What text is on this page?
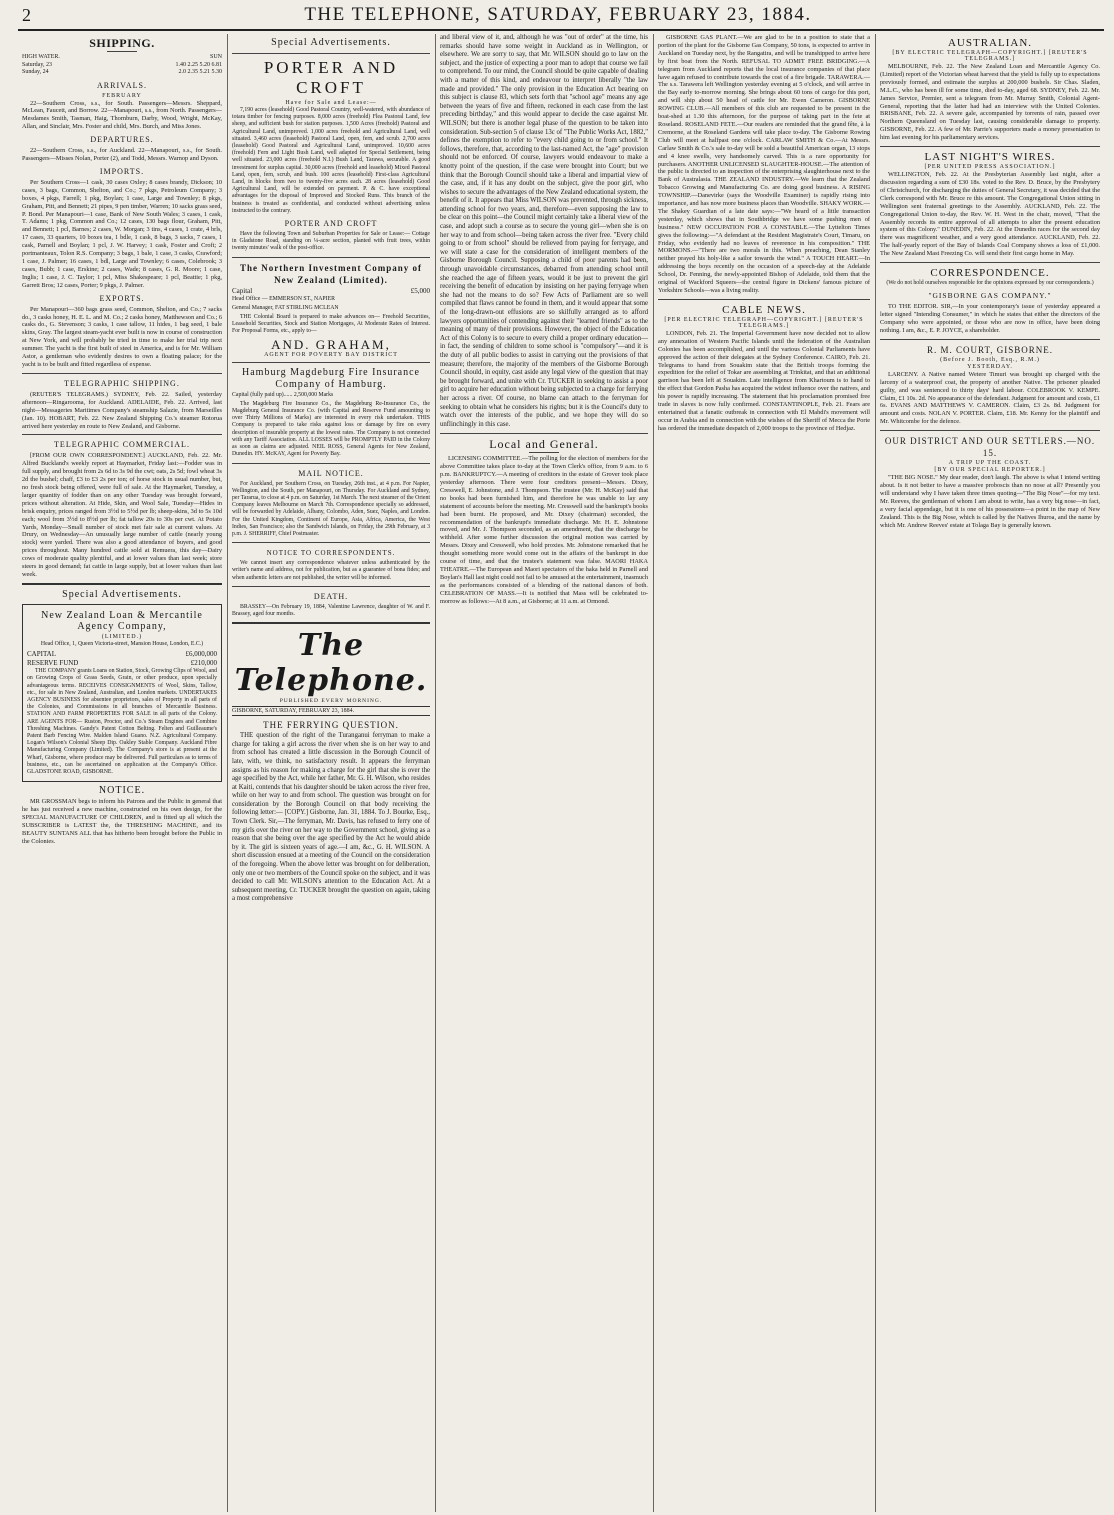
2	THE TELEPHONE, SATURDAY, FEBRUARY 23, 1884.
SHIPPING.
HIGH WATER.	SUN
Saturday, 23	1.40 2.25 5.20 6.81
Sunday, 24	2.0 2.35 5.21 5.30
ARRIVALS.
FEBRUARY

22—Southern Cross, s.s., for South. Passengers—Messrs. Sheppard, McLean, Faucett, and Borrow. 22—Manapouri, s.s., from North. Passengers—Mesdames Smith, Tasman, Haig, Thornburn, Darby, Wood, Wright, McKay, Allan, and Sinclair, Mrs. Foster and child, Mrs. Burch, and Miss Jones.

DEPARTURES.

22—Southern Cross, s.s., for Auckland. 22—Manapouri, s.s., for South. Passengers—Misses Nolan, Porter (2), and Todd, Messrs. Warnop and Dyson.

IMPORTS.

Per Southern Cross—1 cask, 30 cases Oxley; 8 cases brandy, Dickson; 10 cases, 3 bags, Common, Shelton, and Co.; 7 pkgs, Petroleum Company; 3 boxes, 4 pkgs, Farrell; 1 pkg, Boylan; 1 case, Large and Townley; 8 pkgs, Graham, Pitt, and Bennett; 21 pipes, 9 pen timber, Warren; 10 sacks grass seed, P. Bond. Per Manapouri—1 case, Bank of New South Wales; 3 cases, 1 cask, T. Adams; 1 pkg, Common and Co.; 12 cases, 130 bags flour, Graham, Pitt, and Bennett; 1 pcl, Barnes; 2 cases, W. Morgan; 3 tins, 4 cases, 1 crate, 4 brls, 17 cases, 33 quarters, 10 boxes tea, 1 bdle, 1 cask, 8 bags, 3 sacks, 7 cases, 1 cask, Parnell and Boylan; 1 pcl, J. W. Harvey; 1 cask, Foster and Croft; 2 portmanteaux, Tolon R.S. Company; 3 bags, 1 bale, 1 case, 3 casks, Crawford; 1 case, J. Palmer; 16 cases, 1 bdl, Large and Townley; 6 cases, Colebrook; 3 cases, Bubb; 1 case, Erskine; 2 cases, Wade; 8 cases, G. R. Moore; 1 case, Inglis; 1 case, J. C. Taylor; 1 pcl, Miss Shakespeare; 1 pcl, Beattie; 1 pkg, Garrett Bros; 12 cases, Porter; 9 pkgs, J. Palmer.

EXPORTS.

Per Manapouri—360 bags grass seed, Common, Shelton, and Co.; 7 sacks do., 3 casks honey, H. E. L. and M. Co.; 2 casks honey, Matthewson and Co.; 6 casks do., G. Stevenson; 3 casks, 1 case tallow, 11 hides, 1 bag seed, 1 bale skins, Gray. The largest steam-yacht ever built is now in course of construction at New York, and will probably be tried in time to make her trial trip next summer. The yacht is the first built of steel in America, and is for Mr. William Astor, a gentleman who evidently desires to own a floating palace; for the yacht is to be built and fitted regardless of expense.

TELEGRAPHIC SHIPPING.

(REUTER'S TELEGRAMS.) SYDNEY, Feb. 22. Sailed, yesterday afternoon—Ringarooma, for Auckland. ADELAIDE, Feb. 22. Arrived, last night—Messageries Maritimes Company's steamship Salazie, from Marseilles (Jan. 10). HOBART, Feb. 22. New Zealand Shipping Co.'s steamer Rotorua arrived here yesterday en route to New Zealand, and Gisborne.

TELEGRAPHIC COMMERCIAL.

[FROM OUR OWN CORRESPONDENT.] AUCKLAND, Feb. 22. Mr. Alfred Buckland's weekly report at Haymarket, Friday last:—Fodder was in full supply, and brought from 2s 6d to 3s 9d the cwt; oats, 2s 5d; fowl wheat 3s 2d the bushel; chaff, £3 to £3 2s per ton; of horse stock in usual number, but, no fresh stock being offered, were full of sale. At the Haymarket, Tuesday, a larger quantity of fodder than on any other Tuesday was brought forward, prices without alteration. At Hide, Skin, and Wool Sale, Tuesday—Hides in brisk enquiry, prices ranged from 3½d to 5½d per lb; sheep-skins, 3d to 5s 10d each; wool from 3½d to 8½d per lb; fat tallow 20s to 30s per cwt. At Potato Yards, Monday—Small number of stock met fair sale at current values. At Drury, on Wednesday—An unusually large number of cattle (nearly young stock) were yarded. There was also a good attendance of buyers, and good prices throughout. Many hundred cattle sold at Remuera, this day—Dairy cows of moderate quality plentiful, and at lower values than last week; store steers in good demand; fat cattle in large supply, but at lower values than last week.

Special Advertisements.
New Zealand Loan & Mercantile Agency Company,
(LIMITED.)

Head Office, 1, Queen Victoria-street, Mansion House, London, E.C.)

CAPITAL	£6,000,000
RESERVE FUND	£210,000

THE COMPANY grants Loans on Station, Stock, Growing Clips of Wool, and on Growing Crops of Grass Seeds, Grain, or other produce, upon specially advantageous terms. RECEIVES CONSIGNMENTS of Wool, Skins, Tallow, etc., for sale in New Zealand, Australian, and London markets. UNDERTAKES AGENCY BUSINESS for absentee proprietors, sales of Property in all parts of the Colonies, and Commissions in all branches of Mercantile Business. STATION AND FARM PROPERTIES FOR SALE in all parts of the Colony. ARE AGENTS FOR— Ruston, Proctor, and Co.'s Steam Engines and Combine Threshing Machines. Gandy's Patent Cotton Belting. Felten and Guilleaume's Patent Barb Fencing Wire. Malden Island Guano. N.Z. Agricultural Company. Logan's Wilson's Colonial Sheep Dip. Oakley Stable Company. Auckland Fibre Manufacturing Company (Limited). The Company's store is at present at the Wharf, Gisborne, where produce may be delivered. Full particulars as to terms of business, etc., can be ascertained on application at the Company's Office. GLADSTONE ROAD, GISBORNE.

NOTICE.

MR GROSSMAN begs to inform his Patrons and the Public in general that he has just received a new machine, constructed on his own design, for the SPECIAL MANUFACTURE OF CHILDREN, and is fitted up all which the SUBSCRIBER is LATEST the, the THRESHING MACHINE, and its BEAUTY SUNTANS ALL that has hitherto been brought before the Public in the Colonies.

Special Advertisements.
PORTER AND CROFT
Have for Sale and Lease:—

7,190 acres (leasehold) Good Pastoral Country, well-watered, with abundance of totara timber for fencing purposes. 8,000 acres (freehold) Flea Pastoral Land, few sheep, and sufficient bush for station purposes. 1,500 Acres (freehold) Pastoral and Agricultural Land, unimproved. 1,000 acres freehold and Agricultural Land, well situated. 3,460 acres (leasehold) Pastoral Land, open, fern, and scrub. 2,700 acres (leasehold) Good Pastoral and Agricultural Land, unimproved. 10,600 acres (freehold) Fern and Light Bush Land, well adapted for Special Settlement, being well situated. 23,000 acres (freehold N.I.) Bush Land, Tarawa, securable. A good investment for surplus capital. 30,000 acres (freehold and leasehold) Mixed Pastoral Land, open, fern, scrub, and bush. 100 acres (leasehold) First-class Agricultural Land, in blocks from two to twenty-five acres each. 28 acres (leasehold) Good Agricultural Land, will be extended on payment. P. & C. have exceptional advantages for the disposal of Improved and Stocked Runs. This branch of the business is treated as confidential, and conducted without advertising unless instructed to the contrary.

PORTER AND CROFT

Have the following Town and Suburban Properties for Sale or Lease:— Cottage in Gladstone Road, standing on ¼-acre section, planted with fruit trees, within twenty minutes' walk of the post-office.

The Northern Investment Company of New Zealand (Limited).
Capital	£5,000

Head Office — EMMERSON ST., NAPIER

General Manager, FAT STIRLING MCLEAN

THE Colonial Board is prepared to make advances on— Freehold Securities, Leasehold Securities, Stock and Station Mortgages, At Moderate Rates of Interest. For Proposal Forms, etc., apply to—

AND. GRAHAM,
AGENT FOR POVERTY BAY DISTRICT
Hamburg Magdeburg Fire Insurance Company of Hamburg.

Capital (fully paid up)...... 2,500,000 Marks

The Magdeburg Fire Insurance Co., the Magdeburg Re-Insurance Co., the Magdeburg General Insurance Co. (with Capital and Reserve Fund amounting to over Thirty Millions of Marks) are interested in every risk undertaken. THIS Company is prepared to take risks against loss or damage by fire on every description of insurable property at the lowest rates. The Company is not connected with any Tariff Association. ALL LOSSES will be PROMPTLY PAID in the Colony as soon as claims are adjusted. NEIL ROSS, General Agents for New Zealand, Dunedin. HY. McKAY, Agent for Poverty Bay.

MAIL NOTICE.

For Auckland, per Southern Cross, on Tuesday, 26th inst., at 4 p.m. For Napier, Wellington, and the South, per Manapouri, on Thursday. For Auckland and Sydney, per Tararua, to close at 4 p.m. on Saturday, 1st March. The next steamer of the Orient Company leaves Melbourne on March 7th. Correspondence specially so addressed, will be forwarded by Adelaide, Albany, Colombo, Aden, Suez, Naples, and London. For the United Kingdom, Continent of Europe, Asia, Africa, America, the West Indies, San Francisco; also the Sandwich Islands, on Friday, the 29th February, at 3 p.m. J. SHERRIFF, Chief Postmaster.

NOTICE TO CORRESPONDENTS.

We cannot insert any correspondence whatever unless authenticated by the writer's name and address, not for publication, but as a guarantee of bona fides; and when authentic letters are not published, the writer will be informed.

DEATH.

BRASSEY—On February 19, 1884, Valentine Lawrence, daughter of W. and F. Brassey, aged four months.

The Telephone.
PUBLISHED EVERY MORNING.
GISBORNE, SATURDAY, FEBRUARY 23, 1884.
THE FERRYING QUESTION.

THE question of the right of the Turanganui ferryman to make a charge for taking a girl across the river when she is on her way to and from school has created a little discussion in the Borough Council of late, with, we think, no satisfactory result. It appears the ferryman assigns as his reason for making a charge for the girl that she is over the age specified by the Act, while her father, Mr. G. H. Wilson, who resides at Kaiti, contends that his daughter should be taken across the river free, while on her way to and from school. The question was brought on for consideration by the Borough Council on that body receiving the following letter:— [COPY.] Gisborne, Jan. 31, 1884. To J. Bourke, Esq., Town Clerk. Sir,—The ferryman, Mr. Davis, has refused to ferry one of my girls over the river on her way to the Government school, giving as a reason that she being over the age specified by the Act he would abide by it. The girl is sixteen years of age.—I am, &c., G. H. WILSON. A short discussion ensued at a meeting of the Council on the consideration of the foregoing. When the above letter was brought on for deliberation, only one or two members of the Council spoke on the subject, and it was decided to call Mr. WILSON's attention to the Education Act. At a subsequent meeting, Cr. TUCKER brought the question on again, taking a most comprehensive

and liberal view of it, and, although he was "out of order" at the time, his remarks should have some weight in Auckland as in Wellington, or elsewhere. We are sorry to say, that Mr. WILSON should go to law on the subject, and the justice of expecting a poor man to adopt that course we fail to comprehend. To our mind, the Council should be quite capable of dealing with a matter of this kind, and endeavour to interpret liberally "the law made and provided." The only provision in the Education Act bearing on this subject is clause 83, which sets forth that "school age" means any age between the years of five and fifteen, reckoned in each case from the last preceding birthday," and this would appear to decide the case against Mr. WILSON; but there is another legal phase of the question to be taken into consideration. Sub-section 5 of clause 13c of "The Public Works Act, 1882," defines the exemption to refer to "every child going to or from school." It follows, therefore, that, according to the last-named Act, the "age" provision should not be enforced. Of course, lawyers would endeavour to make a knotty point of the question, if the case were brought into Court; but we think that the Borough Council should take a liberal and impartial view of the case, and, if it has any doubt on the subject, give the poor girl, who wishes to secure the advantages of the New Zealand educational system, the benefit of it. It appears that Miss WILSON was prevented, through sickness, attending school for two years, and, therefore—even supposing the law to be clear on this point—the Council might certainly take a liberal view of the case, and adopt such a course as to secure the young girl—when she is on her way to and from school—being taken across the river free. "Every child going to or from school" should be relieved from paying for ferryage, and we will state a case for the consideration of intelligent members of the Gisborne Borough Council. Supposing a child of poor parents had been, through unavoidable circumstances, debarred from attending school until she reached the age of fifteen years, would it be just to prevent the girl receiving the benefit of education by insisting on her paying ferryage when she had not the means to do so? Few Acts of Parliament are so well compiled that flaws cannot be found in them, and it would appear that some of the long-drawn-out effusions are so skilfully arranged as to afford lawyers opportunities of contending against their "learned friends" as to the meaning of many of their provisions. However, the object of the Education Act of this Colony is to secure to every child a proper ordinary education—in fact, the sending of children to some school is "compulsory"—and it is the duty of all public bodies to assist in carrying out the provisions of that measure; therefore, the majority of the members of the Gisborne Borough Council should, in equity, cast aside any legal view of the question that may be brought forward, and unite with Cr. TUCKER in seeking to assist a poor girl to acquire her education without being subjected to a charge for ferrying her across a river. Of course, no blame can attach to the ferryman for seeking to obtain what he considers his rights; but it is the Council's duty to watch over the interests of the public, and we hope they will do so unflinchingly in this case.

Local and General.

LICENSING COMMITTEE.—The polling for the election of members for the above Committee takes place to-day at the Town Clerk's office, from 9 a.m. to 6 p.m. BANKRUPTCY.—A meeting of creditors in the estate of Grover took place yesterday afternoon. There were four creditors present—Messrs. Dixey, Cresswell, E. Johnstone, and J. Thompson. The trustee (Mr. H. McKay) said that no books had been furnished him, and therefore he was unable to lay any statement of accounts before the meeting. Mr. Cresswell said the bankrupt's books had been burnt. He proposed, and Mr. Dixey (chairman) seconded, the recommendation of the bankrupt's immediate discharge. Mr. H. E. Johnstone moved, and Mr. J. Thompson seconded, as an amendment, that the discharge be withheld. After some further discussion the original motion was carried by Messrs. Dixey and Cresswell, who hold proxies. Mr. Johnstone remarked that he thought something more would come out in the affairs of the bankrupt in due course of time, and that the trustee's statement was false. MAORI HAKA THEATRE.—The European and Maori spectators of the haka held in Parnell and Boylan's Hall last night could not fail to be amused at the entertainment, inasmuch as the performances consisted of a blending of the national dances of both. CELEBRATION OF MASS.—It is notified that Mass will be celebrated to-morrow as follows:—At 8 a.m., at Gisborne; at 11 a.m. at Ormond.

GISBORNE GAS PLANT.—We are glad to be in a position to state that a portion of the plant for the Gisborne Gas Company, 50 tons, is expected to arrive in Auckland on Tuesday next, by the Rangatira, and will be transhipped to arrive here by first boat from the North. REFUSAL TO ADMIT FREE BRIDGING.—A telegram from Auckland reports that the local insurance companies of that place have again refused to contribute towards the cost of a fire brigade. TARAWERA.—The s.s. Tarawera left Wellington yesterday evening at 5 o'clock, and will arrive in the Bay early to-morrow morning. She brings about 60 tons of cargo for this port, and will ship about 50 head of cattle for Mr. Ewen Cameron. GISBORNE ROWING CLUB.—All members of this club are requested to be present in the boat-shed at 1.30 this afternoon, for the purpose of taking part in the fete at Roseland. ROSELAND FETE.—Our readers are reminded that the grand fête, à la Cremorne, at the Roseland Gardens will take place to-day. The Gisborne Rowing Club will meet at halfpast one o'clock. CARLAW SMITH & Co.—At Messrs. Carlaw Smith & Co.'s sale to-day will be sold a beautiful American organ, 13 stops and 4 knee swells, very handsomely carved. This is a rare opportunity for purchasers. ANOTHER UNLICENSED SLAUGHTER-HOUSE.—The attention of the public is directed to an inspection of the enterprising slaughterhouse next to the Bank of Australasia. THE ZEALAND INDUSTRY.—We learn that the Zealand Tobacco Growing and Manufacturing Co. are doing good business. A RISING TOWNSHIP.—Danevirke (says the Woodville Examiner) is rapidly rising into importance, and has now more business places than Woodville. SHAKY WORK.—The Shakey Guardian of a late date says:—"We heard of a little transaction yesterday, which shows that in Southbridge we have some pushing men of business." NEW OCCUPATION FOR A CONSTABLE.—The Lyttelton Times gives the following:—"A defendant at the Resident Magistrate's Court, Timaru, on Friday, who evidently had no leaves of reverence in his composition." THE MORMONS.—"There are two morals in this. When preaching, Dean Stanley neither prayed his holy-like a sailor towards the wind." A TOUCH HEART.—In addressing the boys recently on the occasion of a speech-day at the Adelaide School, Dr. Fenning, the newly-appointed Bishop of Adelaide, told them that the original of Wackford Squeers—the central figure in Dickens' famous picture of Yorkshire Schools—was a living reality.

CABLE NEWS.
[PER ELECTRIC TELEGRAPH—COPYRIGHT.] [REUTER'S TELEGRAMS.]

LONDON, Feb. 21. The Imperial Government have now decided not to allow any annexation of Western Pacific Islands until the federation of the Australian Colonies has been accomplished, and until the various Colonial Parliaments have approved the action of their delegates at the Sydney Conference. CAIRO, Feb. 21. Telegrams to hand from Souakim state that the British troops forming the expedition for the relief of Tokar are assembling at Trinkitat, and that an additional garrison has been left at Souakim. Late intelligence from Khartoum is to hand to the effect that Gordon Pasha has acquired the widest influence over the natives, and his power is rapidly increasing. The statement that his proclamation promised free trade in slaves is now fully confirmed. CONSTANTINOPLE, Feb. 21. Fears are entertained that a fanatic outbreak in connection with El Mahdi's movement will occur in Arabia and in connection with the wishes of the Sheriff of Mecca the Porte has ordered the immediate despatch of 2,000 troops to the province of Hedjaz.

AUSTRALIAN.
[BY ELECTRIC TELEGRAPH—COPYRIGHT.] [REUTER'S TELEGRAMS.]

MELBOURNE, Feb. 22. The New Zealand Loan and Mercantile Agency Co. (Limited) report of the Victorian wheat harvest that the yield is fully up to expectations previously formed, and estimate the surplus at 200,000 bushels. Sir Chas. Sladen, M.L.C., who has been ill for some time, died to-day, aged 68. SYDNEY, Feb. 22. Mr. James Service, Premier, sent a telegram from Mr. Murray Smith, Colonial Agent-General, reporting that the latter had had an interview with the United Colonies. BRISBANE, Feb. 22. A severe gale, accompanied by torrents of rain, passed over Northern Queensland on Tuesday last, causing considerable damage to property. GISBORNE, Feb. 22. A few of Mr. Parrie's supporters made a money presentation to him last evening for his parliamentary services.

LAST NIGHT'S WIRES.
[PER UNITED PRESS ASSOCIATION.]

WELLINGTON, Feb. 22. At the Presbyterian Assembly last night, after a discussion regarding a sum of £30 18s. voted to the Rev. D. Bruce, by the Presbytery of Christchurch, for discharging the duties of General Secretary, it was decided that the Clerk correspond with Mr. Bruce re this amount. The Congregational Union sitting in Wellington sent fraternal greetings to the Assembly. AUCKLAND, Feb. 22. The Congregational Union to-day, the Rev. W. H. West in the chair, moved, "That the Assembly records its entire approval of all attempts to alter the present education system of this Colony." DUNEDIN, Feb. 22. At the Dunedin races for the second day there was magnificent weather, and a very good attendance. AUCKLAND, Feb. 22. The half-yearly report of the Bay of Islands Coal Company shows a loss of £1,000. The New Zealand Mast Freezing Co. will send their first cargo home in May.

CORRESPONDENCE.

(We do not hold ourselves responsible for the opinions expressed by our correspondents.)

"GISBORNE GAS COMPANY."

TO THE EDITOR. SIR,—In your contemporary's issue of yesterday appeared a letter signed "Intending Consumer," in which he states that either the directors of the Company who were appointed, or those who are now in office, have been doing nothing. I am, &c., E. P. JOYCE, a shareholder.

R. M. COURT, GISBORNE.
(Before J. Booth, Esq., R.M.)
YESTERDAY.

LARCENY. A Native named Wetere Timuri was brought up charged with the larceny of a waterproof coat, the property of another Native. The prisoner pleaded guilty, and was sentenced to thirty days' hard labour. COLEBROOK V. KEMPE. Claim, £1 10s. 2d. No appearance of the defendant. Judgment for amount and costs, £1 6s. EVANS AND MATTHEWS V. CAMERON. Claim, £3 2s. 8d. Judgment for amount and costs. NOLAN V. PORTER. Claim, £18. Mr. Kenny for the plaintiff and Mr. Whitcombe for the defence.

OUR DISTRICT AND OUR SETTLERS.—NO. 15.
A TRIP UP THE COAST.
[BY OUR SPECIAL REPORTER.]

"THE BIG NOSE." My dear reader, don't laugh. The above is what I intend writing about. Is it not better to have a massive proboscis than no nose at all? Presently you will understand why I have taken three times quoting—"The Big Nose"—for my text. Mr. Reeves, the gentleman of whom I am about to write, has a very big nose—in fact, a very facial appendage, but it is one of his possessions—a point in the map of New Zealand. This is the Big Nose, which is called by the Natives Ihuroa, and the name by which Mr. Andrew Reeves' estate at Tolaga Bay is generally known.
